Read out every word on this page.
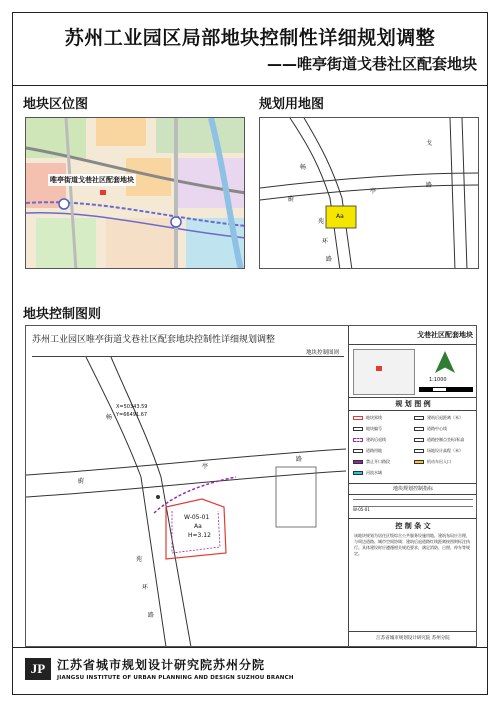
苏州工业园区局部地块控制性详细规划调整
——唯亭街道戈巷社区配套地块
地块区位图	规划用地图
地块控制图则
唯亭街道戈巷社区配套地块
Aa
畅
亭
路
戈
蔚
苑
环
路
苏州工业园区唯亭街道戈巷社区配套地块控制性详细规划调整
地块控制图则
X=50343.59
Y=66491.67
W-05-01
Aa
H=3.12
畅
亭
路
蔚
苑
环
路
戈巷社区配套地块
1:1000
规 划 图 例
地块界线	建筑后退距离（米）
地块编号	道路中心线
建筑后退线	道路控制点坐标/标高
道路用地	场地设计高程（米）
禁止开口路段	机动车出入口
河流水域
地块规划控制指标
W-05-01
控 制 条 文
该地块规划为居住区级综合公共服务设施用地。建筑布局应合理，与周边道路、城市空间协调；建筑后退道路红线距离按图则标注执行。具体建设时应遵循相关规范要求，满足消防、日照、停车等规定。
江苏省城市规划设计研究院 苏州分院
JP 江苏省城市规划设计研究院苏州分院
JIANGSU INSTITUTE OF URBAN PLANNING AND DESIGN SUZHOU BRANCH
